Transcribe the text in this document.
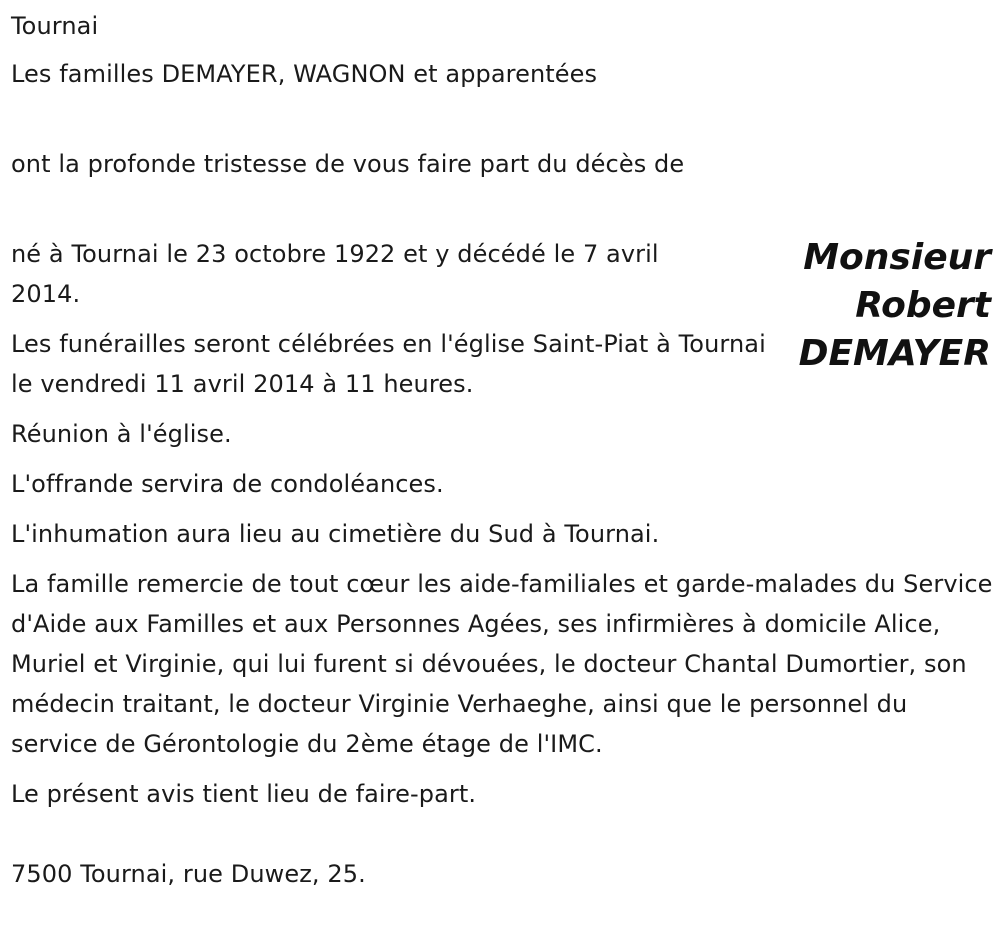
Tournai
Les familles DEMAYER, WAGNON et apparentées
ont la profonde tristesse de vous faire part du décès de
Monsieur
Robert
DEMAYER
né à Tournai le 23 octobre 1922 et y décédé le 7 avril 2014.
Les funérailles seront célébrées en l'église Saint-Piat à Tournai le vendredi 11 avril 2014 à 11 heures.
Réunion à l'église.
L'offrande servira de condoléances.
L'inhumation aura lieu au cimetière du Sud à Tournai.
La famille remercie de tout cœur les aide-familiales et garde-malades du Service d'Aide aux Familles et aux Personnes Agées, ses infirmières à domicile Alice, Muriel et Virginie, qui lui furent si dévouées, le docteur Chantal Dumortier, son médecin traitant, le docteur Virginie Verhaeghe, ainsi que le personnel du service de Gérontologie du 2ème étage de l'IMC.
Le présent avis tient lieu de faire-part.
7500 Tournai, rue Duwez, 25.
